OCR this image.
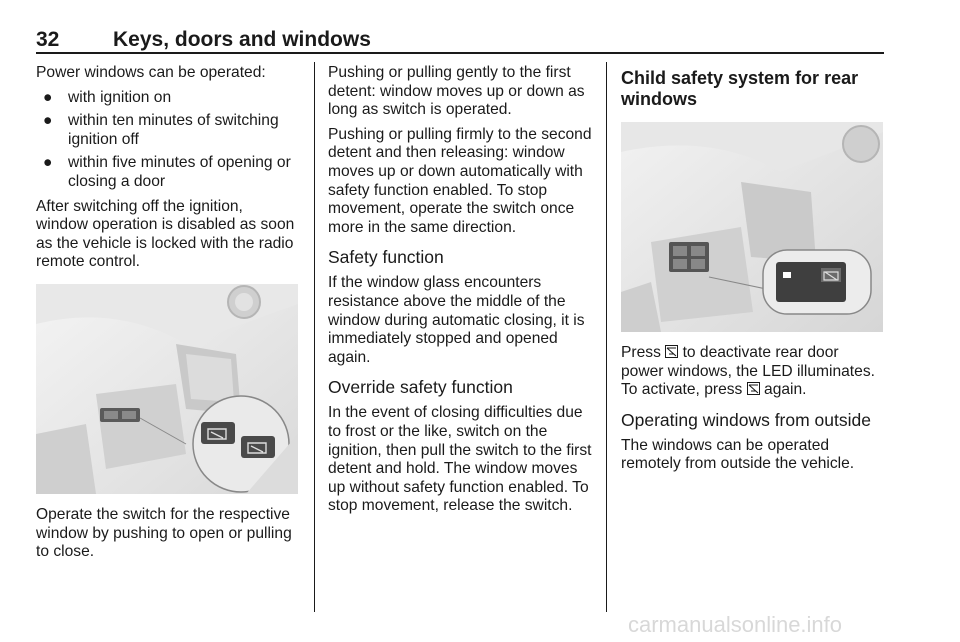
32	Keys, doors and windows

Power windows can be operated:

● with ignition on
● within ten minutes of switching ignition off
● within five minutes of opening or closing a door

After switching off the ignition, window operation is disabled as soon as the vehicle is locked with the radio remote control.

Operate the switch for the respective window by pushing to open or pulling to close.

Pushing or pulling gently to the first detent: window moves up or down as long as switch is operated.

Pushing or pulling firmly to the second detent and then releasing: window moves up or down automatically with safety function enabled. To stop movement, operate the switch once more in the same direction.

Safety function

If the window glass encounters resistance above the middle of the window during automatic closing, it is immediately stopped and opened again.

Override safety function

In the event of closing difficulties due to frost or the like, switch on the ignition, then pull the switch to the first detent and hold. The window moves up without safety function enabled. To stop movement, release the switch.

Child safety system for rear windows

Press to deactivate rear door power windows, the LED illuminates. To activate, press again.

Operating windows from outside

The windows can be operated remotely from outside the vehicle.

carmanualsonline.info
